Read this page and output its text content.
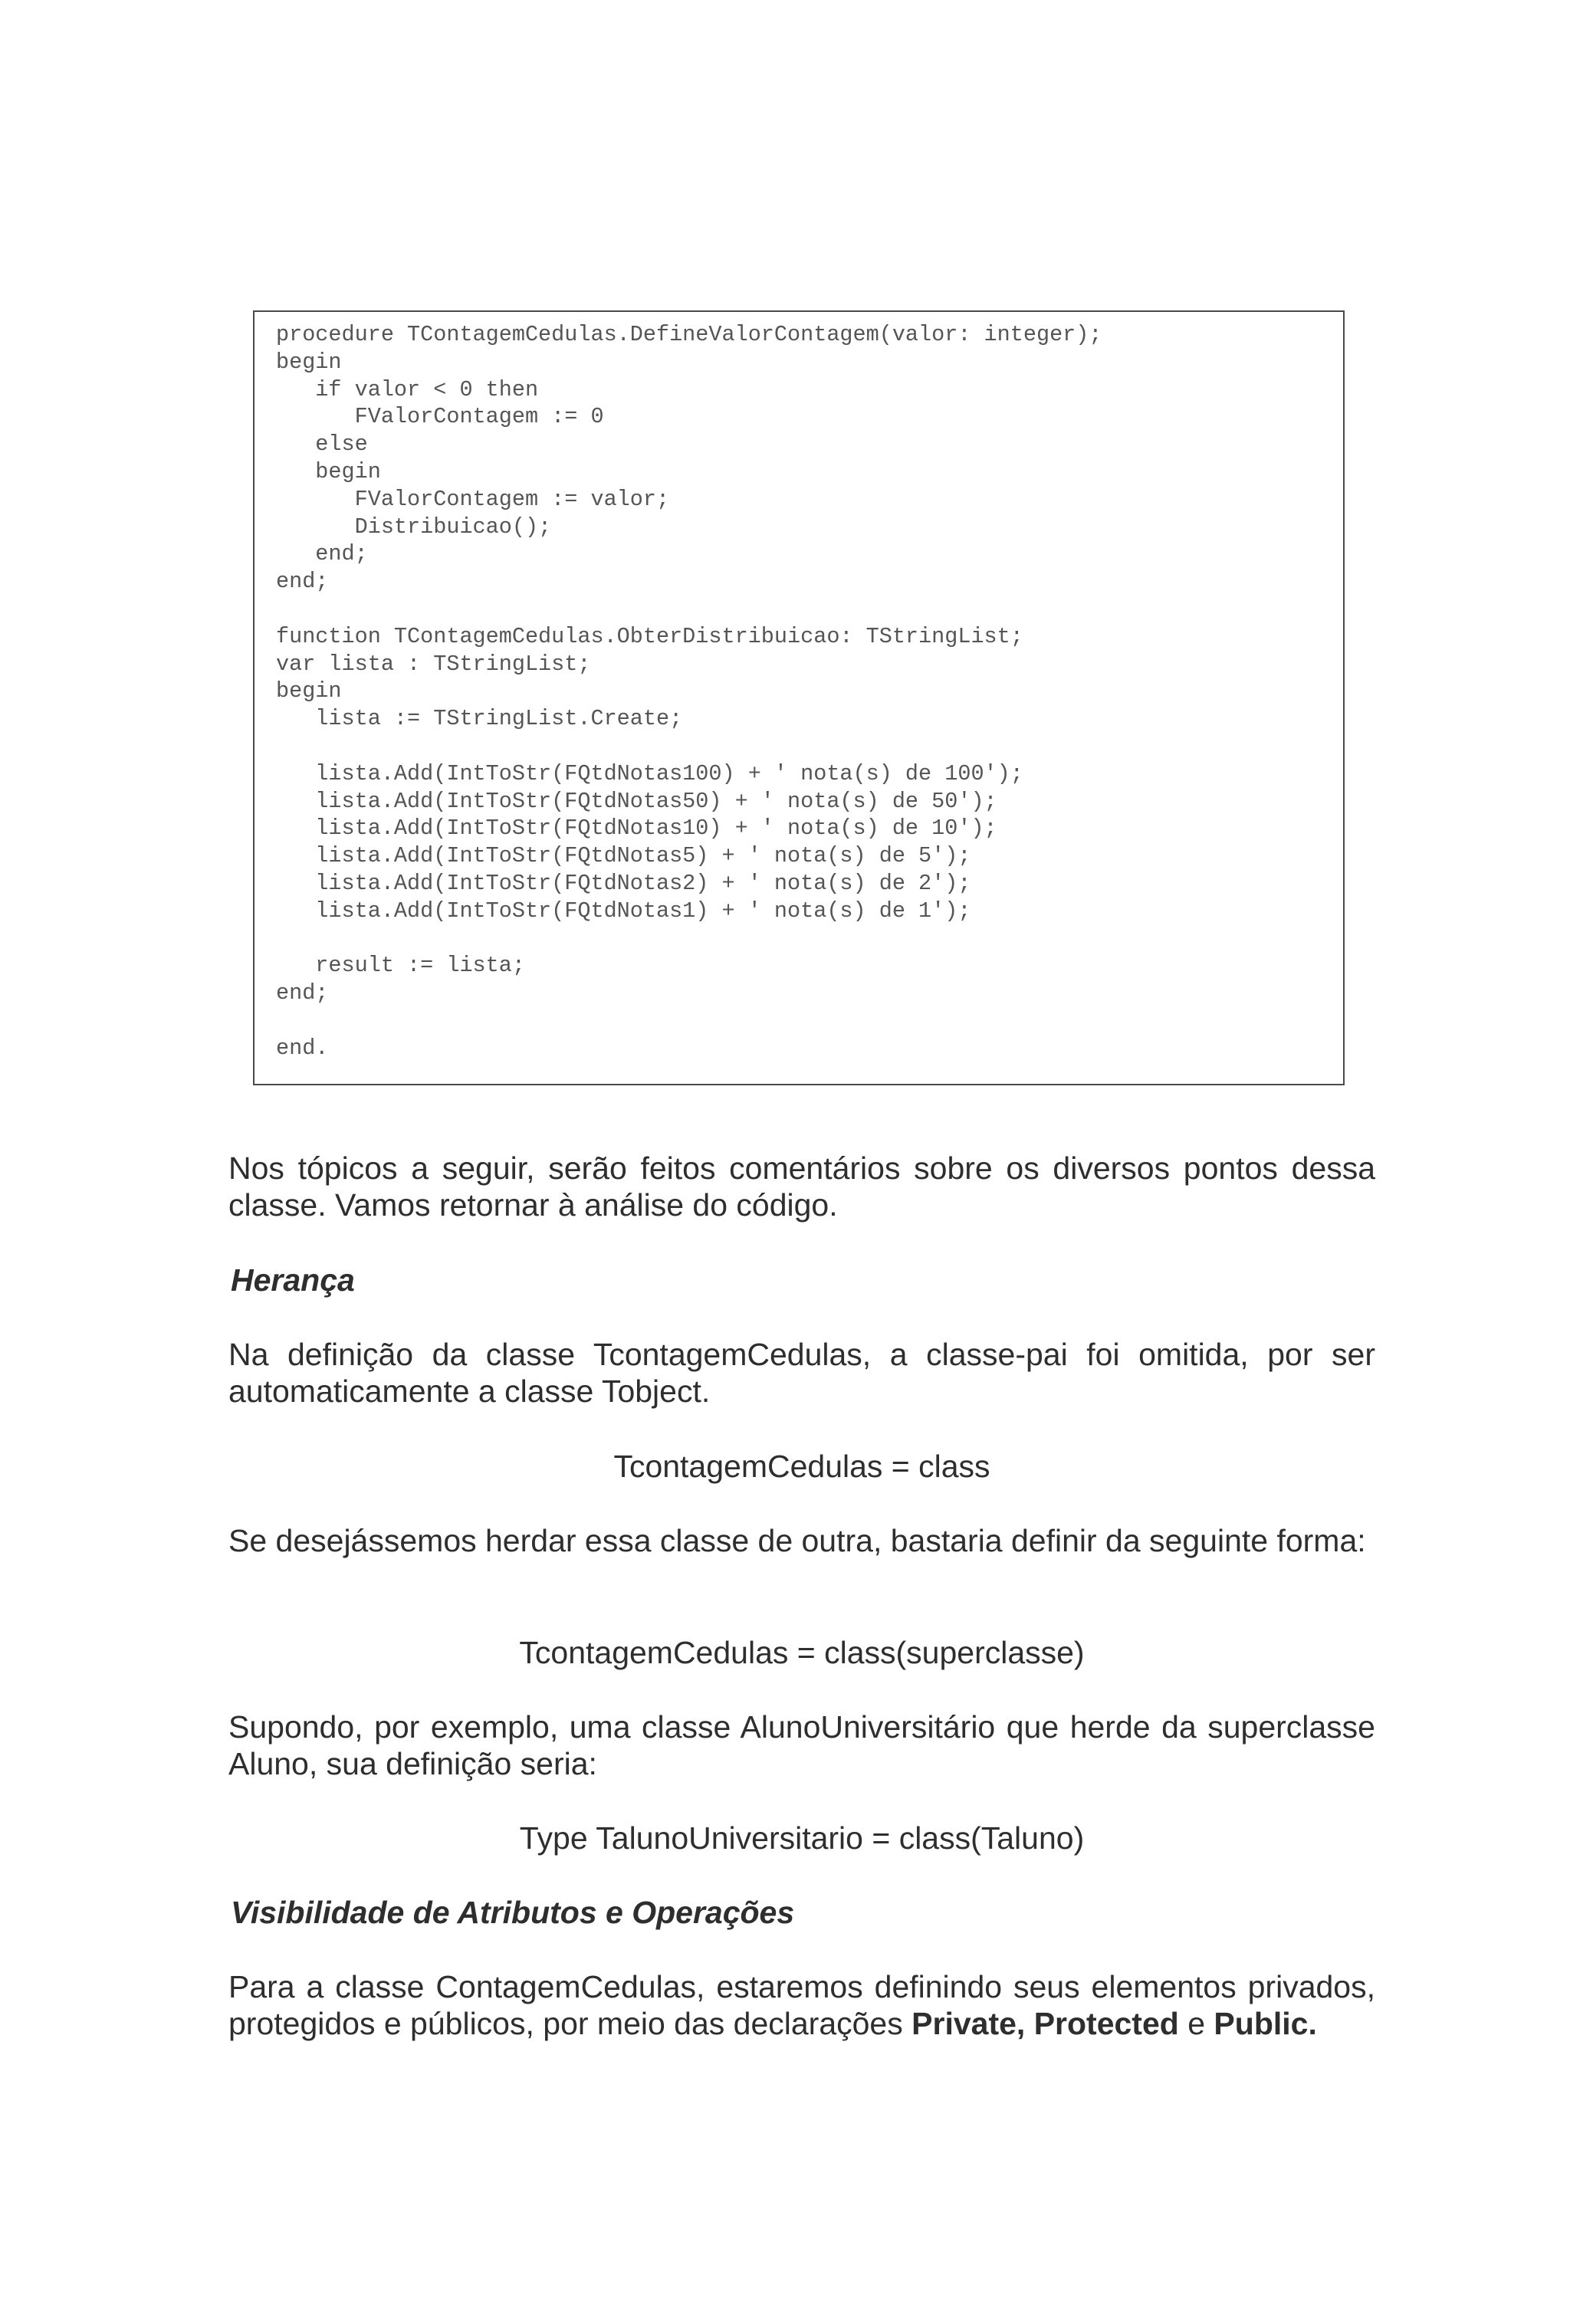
procedure TContagemCedulas.DefineValorContagem(valor: integer);
begin
if valor < 0 then
FValorContagem := 0
else
begin
FValorContagem := valor;
Distribuicao();
end;
end;

function TContagemCedulas.ObterDistribuicao: TStringList;
var lista : TStringList;
begin
lista := TStringList.Create;

lista.Add(IntToStr(FQtdNotas100) + ' nota(s) de 100');
lista.Add(IntToStr(FQtdNotas50) + ' nota(s) de 50');
lista.Add(IntToStr(FQtdNotas10) + ' nota(s) de 10');
lista.Add(IntToStr(FQtdNotas5) + ' nota(s) de 5');
lista.Add(IntToStr(FQtdNotas2) + ' nota(s) de 2');
lista.Add(IntToStr(FQtdNotas1) + ' nota(s) de 1');

result := lista;
end;

end.

Nos tópicos a seguir, serão feitos comentários sobre os diversos pontos dessa classe. Vamos retornar à análise do código.

Herança

Na definição da classe TcontagemCedulas, a classe-pai foi omitida, por ser automaticamente a classe Tobject.

TcontagemCedulas = class

Se desejássemos herdar essa classe de outra, bastaria definir da seguinte forma:

TcontagemCedulas = class(superclasse)

Supondo, por exemplo, uma classe AlunoUniversitário que herde da superclasse Aluno, sua definição seria:

Type TalunoUniversitario = class(Taluno)

Visibilidade de Atributos e Operações

Para a classe ContagemCedulas, estaremos definindo seus elementos privados, protegidos e públicos, por meio das declarações Private, Protected e Public.
